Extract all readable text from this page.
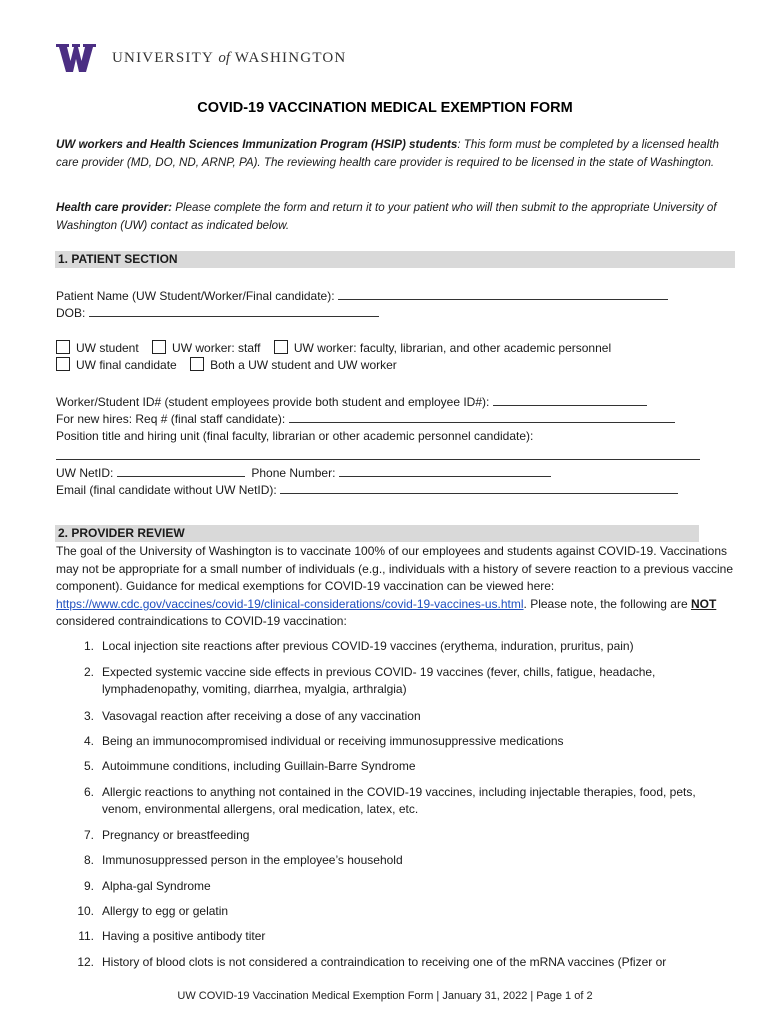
UNIVERSITY of WASHINGTON
COVID-19 VACCINATION MEDICAL EXEMPTION FORM
UW workers and Health Sciences Immunization Program (HSIP) students: This form must be completed by a licensed health care provider (MD, DO, ND, ARNP, PA). The reviewing health care provider is required to be licensed in the state of Washington.
Health care provider: Please complete the form and return it to your patient who will then submit to the appropriate University of Washington (UW) contact as indicated below.
1. PATIENT SECTION
Patient Name (UW Student/Worker/Final candidate):
DOB:
UW student	UW worker: staff	UW worker: faculty, librarian, and other academic personnel
UW final candidate	Both a UW student and UW worker
Worker/Student ID# (student employees provide both student and employee ID#):
For new hires: Req # (final staff candidate):
Position title and hiring unit (final faculty, librarian or other academic personnel candidate):
UW NetID:	Phone Number:
Email (final candidate without UW NetID):
2. PROVIDER REVIEW
The goal of the University of Washington is to vaccinate 100% of our employees and students against COVID-19. Vaccinations may not be appropriate for a small number of individuals (e.g., individuals with a history of severe reaction to a previous vaccine component). Guidance for medical exemptions for COVID-19 vaccination can be viewed here: https://www.cdc.gov/vaccines/covid-19/clinical-considerations/covid-19-vaccines-us.html. Please note, the following are NOT considered contraindications to COVID-19 vaccination:
1. Local injection site reactions after previous COVID-19 vaccines (erythema, induration, pruritus, pain)
2. Expected systemic vaccine side effects in previous COVID- 19 vaccines (fever, chills, fatigue, headache, lymphadenopathy, vomiting, diarrhea, myalgia, arthralgia)
3. Vasovagal reaction after receiving a dose of any vaccination
4. Being an immunocompromised individual or receiving immunosuppressive medications
5. Autoimmune conditions, including Guillain-Barre Syndrome
6. Allergic reactions to anything not contained in the COVID-19 vaccines, including injectable therapies, food, pets, venom, environmental allergens, oral medication, latex, etc.
7. Pregnancy or breastfeeding
8. Immunosuppressed person in the employee’s household
9. Alpha-gal Syndrome
10. Allergy to egg or gelatin
11. Having a positive antibody titer
12. History of blood clots is not considered a contraindication to receiving one of the mRNA vaccines (Pfizer or
UW COVID-19 Vaccination Medical Exemption Form | January 31, 2022 | Page 1 of 2
